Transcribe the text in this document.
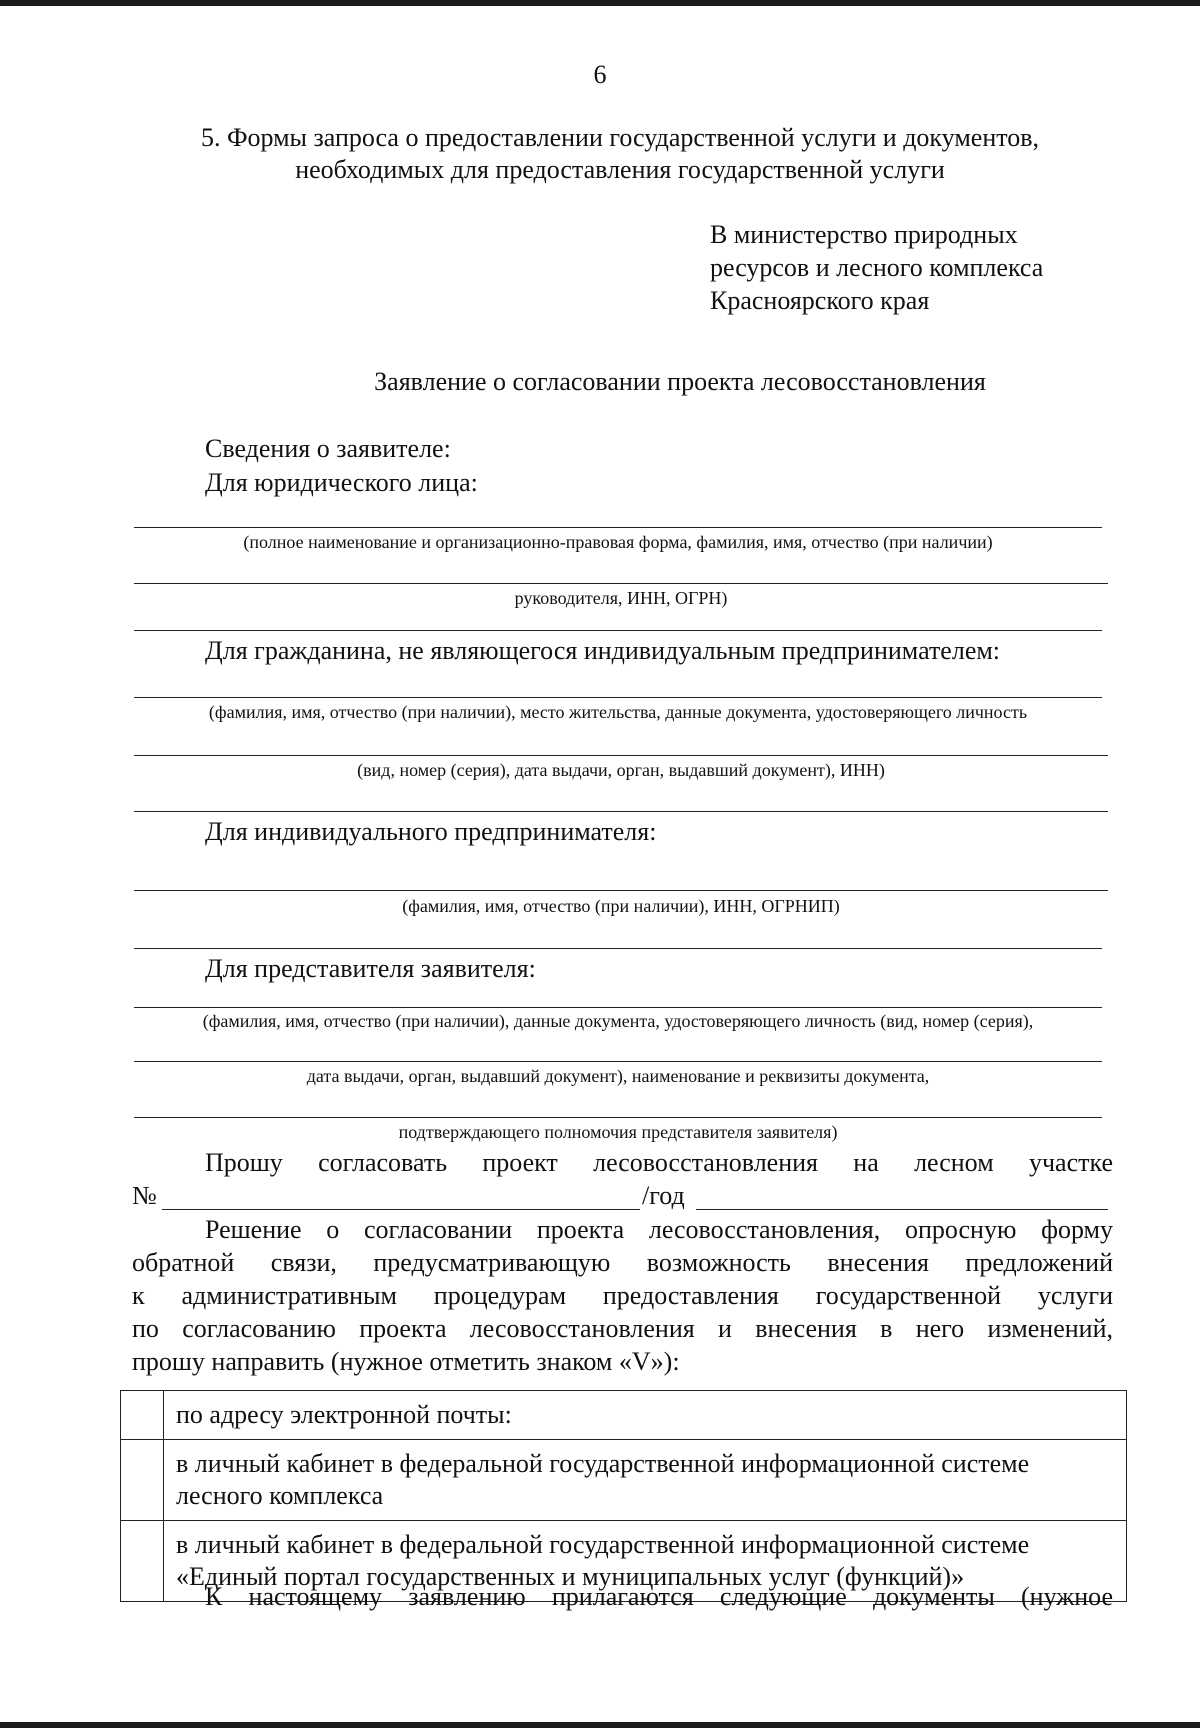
6
5. Формы запроса о предоставлении государственной услуги и документов,
необходимых для предоставления государственной услуги
В министерство природных
ресурсов и лесного комплекса
Красноярского края
Заявление о согласовании проекта лесовосстановления
Сведения о заявителе:
Для юридического лица:
(полное наименование и организационно-правовая форма, фамилия, имя, отчество (при наличии)
руководителя, ИНН, ОГРН)
Для гражданина, не являющегося индивидуальным предпринимателем:
(фамилия, имя, отчество (при наличии), место жительства, данные документа, удостоверяющего личность
(вид, номер (серия), дата выдачи, орган, выдавший документ), ИНН)
Для индивидуального предпринимателя:
(фамилия, имя, отчество (при наличии), ИНН, ОГРНИП)
Для представителя заявителя:
(фамилия, имя, отчество (при наличии), данные документа, удостоверяющего личность (вид, номер (серия),
дата выдачи, орган, выдавший документ), наименование и реквизиты документа,
подтверждающего полномочия представителя заявителя)
Прошу согласовать проект лесовосстановления на лесном участке
№	/год
Решение о согласовании проекта лесовосстановления, опросную форму
обратной связи, предусматривающую возможность внесения предложений
к административным процедурам предоставления государственной услуги
по согласованию проекта лесовосстановления и внесения в него изменений,
прошу направить (нужное отметить знаком «V»):
	по адресу электронной почты:
	в личный кабинет в федеральной государственной информационной системе лесного комплекса
	в личный кабинет в федеральной государственной информационной системе «Единый портал государственных и муниципальных услуг (функций)»
К настоящему заявлению прилагаются следующие документы (нужное
